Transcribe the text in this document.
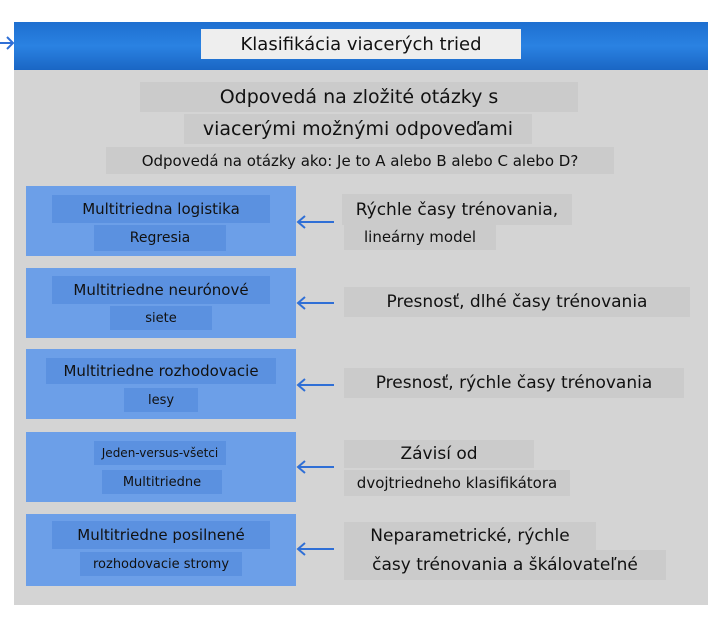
Klasifikácia viacerých tried
Odpovedá na zložité otázky s
viacerými možnými odpoveďami
Odpovedá na otázky ako: Je to A alebo B alebo C alebo D?
Multitriedna logistika
Regresia
Rýchle časy trénovania,
lineárny model
Multitriedne neurónové
siete
Presnosť, dlhé časy trénovania
Multitriedne rozhodovacie
lesy
Presnosť, rýchle časy trénovania
Jeden-versus-všetci
Multitriedne
Závisí od
dvojtriedneho klasifikátora
Multitriedne posilnené
rozhodovacie stromy
Neparametrické, rýchle
časy trénovania a škálovateľné
